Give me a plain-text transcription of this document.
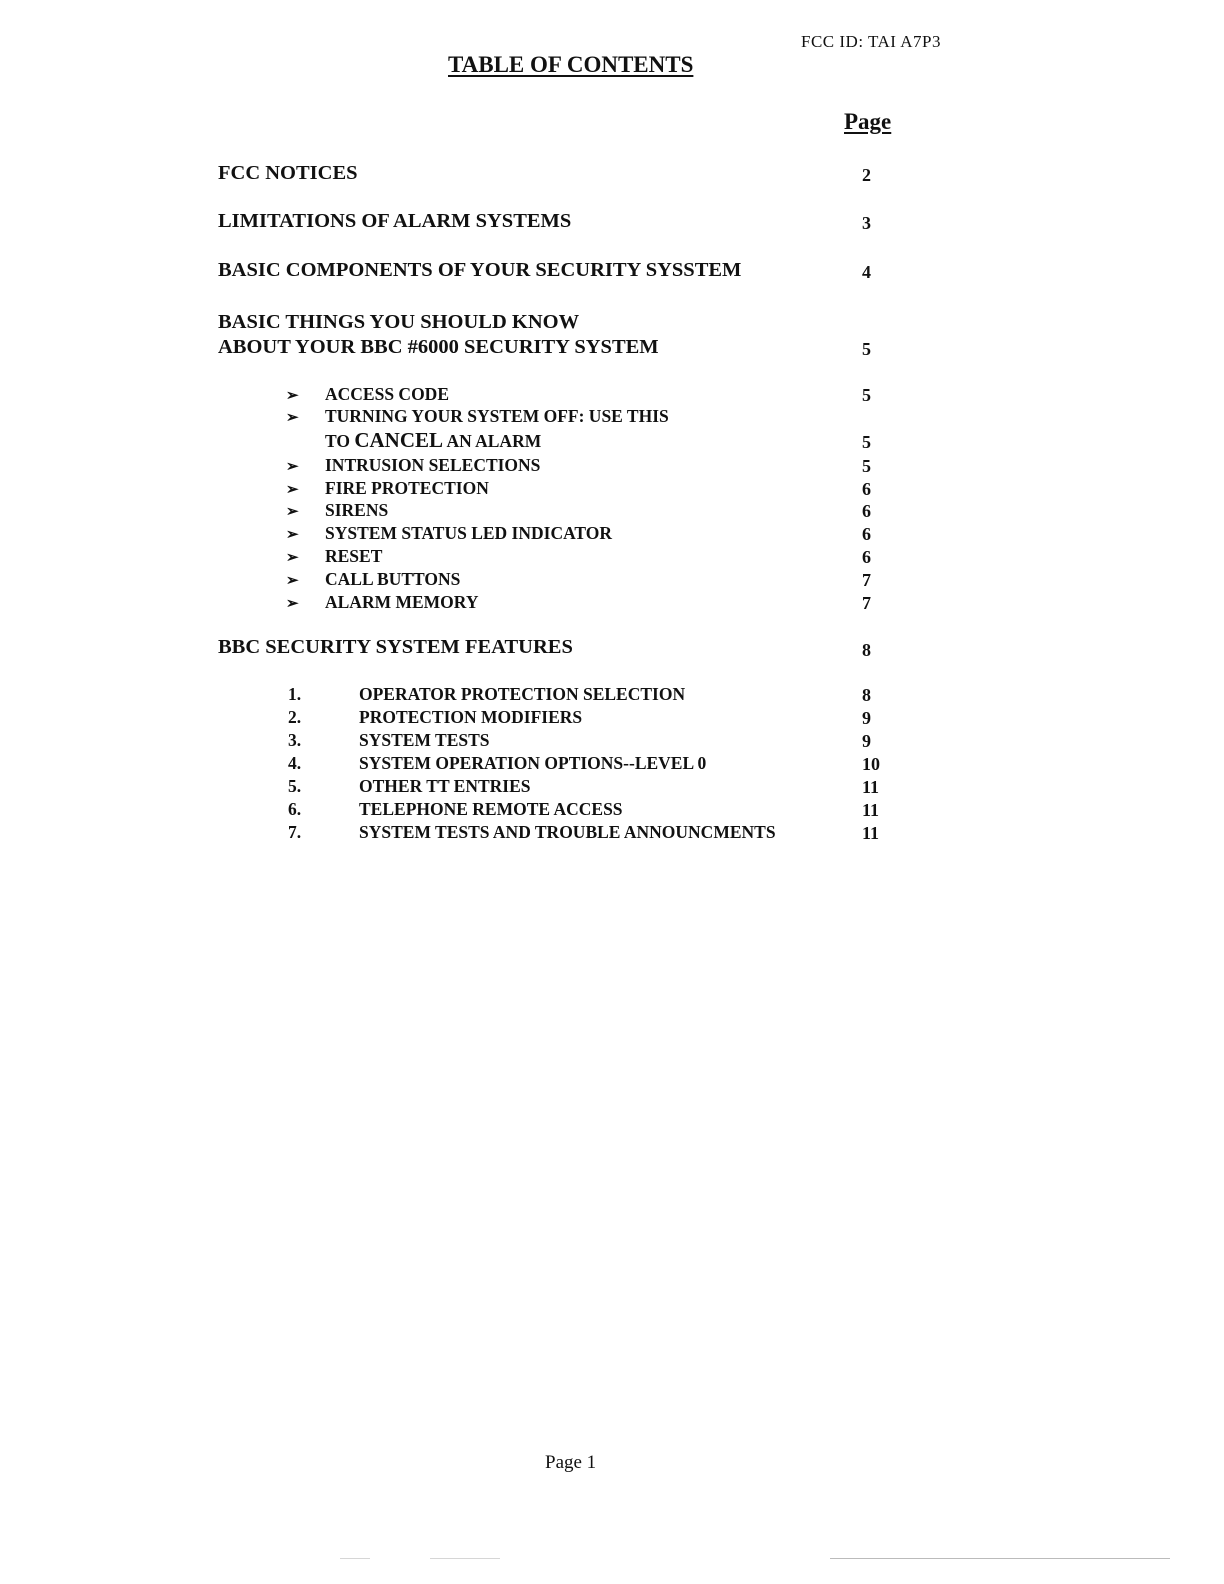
FCC ID: TAI A7P3
TABLE OF CONTENTS
Page
FCC NOTICES	2
LIMITATIONS OF ALARM SYSTEMS	3
BASIC COMPONENTS OF YOUR SECURITY SYSSTEM	4
BASIC THINGS YOU SHOULD KNOW
ABOUT YOUR BBC #6000 SECURITY SYSTEM	5
➢ ACCESS CODE	5
➢ TURNING YOUR SYSTEM OFF: USE THIS
TO CANCEL AN ALARM	5
➢ INTRUSION SELECTIONS	5
➢ FIRE PROTECTION	6
➢ SIRENS	6
➢ SYSTEM STATUS LED INDICATOR	6
➢ RESET	6
➢ CALL BUTTONS	7
➢ ALARM MEMORY	7
BBC SECURITY SYSTEM FEATURES	8
1.	OPERATOR PROTECTION SELECTION	8
2.	PROTECTION MODIFIERS	9
3.	SYSTEM TESTS	9
4.	SYSTEM OPERATION OPTIONS--LEVEL 0	10
5.	OTHER TT ENTRIES	11
6.	TELEPHONE REMOTE ACCESS	11
7.	SYSTEM TESTS AND TROUBLE ANNOUNCMENTS	11
Page 1
